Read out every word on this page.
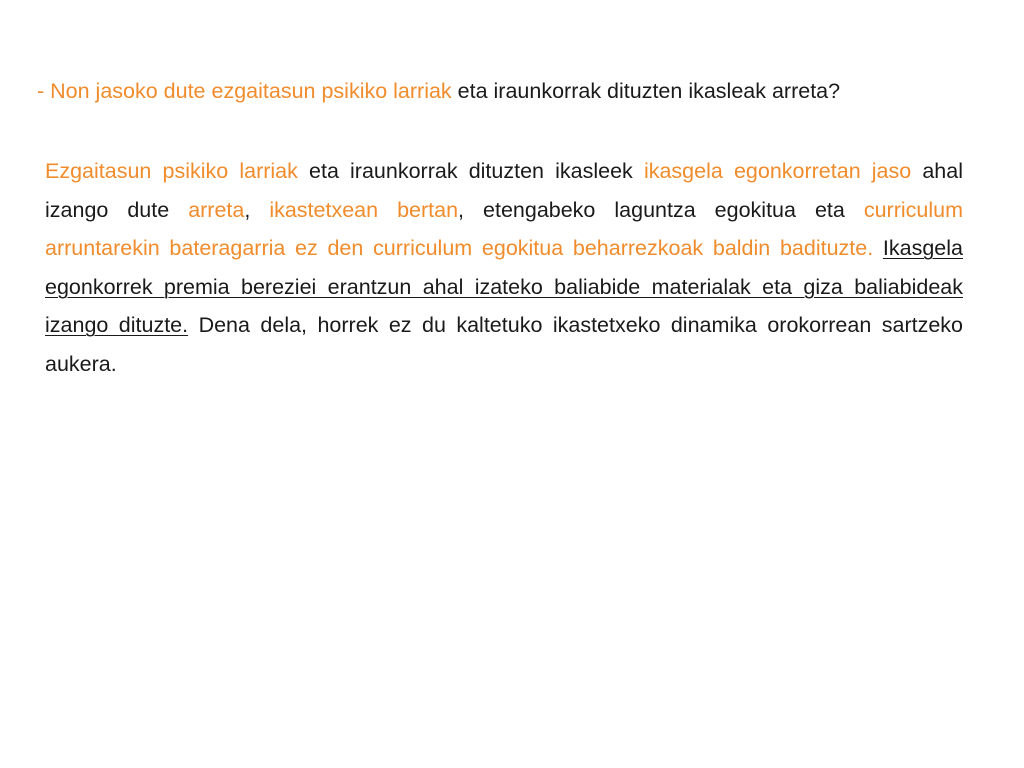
- Non jasoko dute ezgaitasun psikiko larriak eta iraunkorrak dituzten ikasleak arreta?
Ezgaitasun psikiko larriak eta iraunkorrak dituzten ikasleek ikasgela egonkorretan jaso ahal izango dute arreta, ikastetxean bertan, etengabeko laguntza egokitua eta curriculum arruntarekin bateragarria ez den curriculum egokitua beharrezkoak baldin badituzte. Ikasgela egonkorrek premia bereziei erantzun ahal izateko baliabide materialak eta giza baliabideak izango dituzte. Dena dela, horrek ez du kaltetuko ikastetxeko dinamika orokorrean sartzeko aukera.
